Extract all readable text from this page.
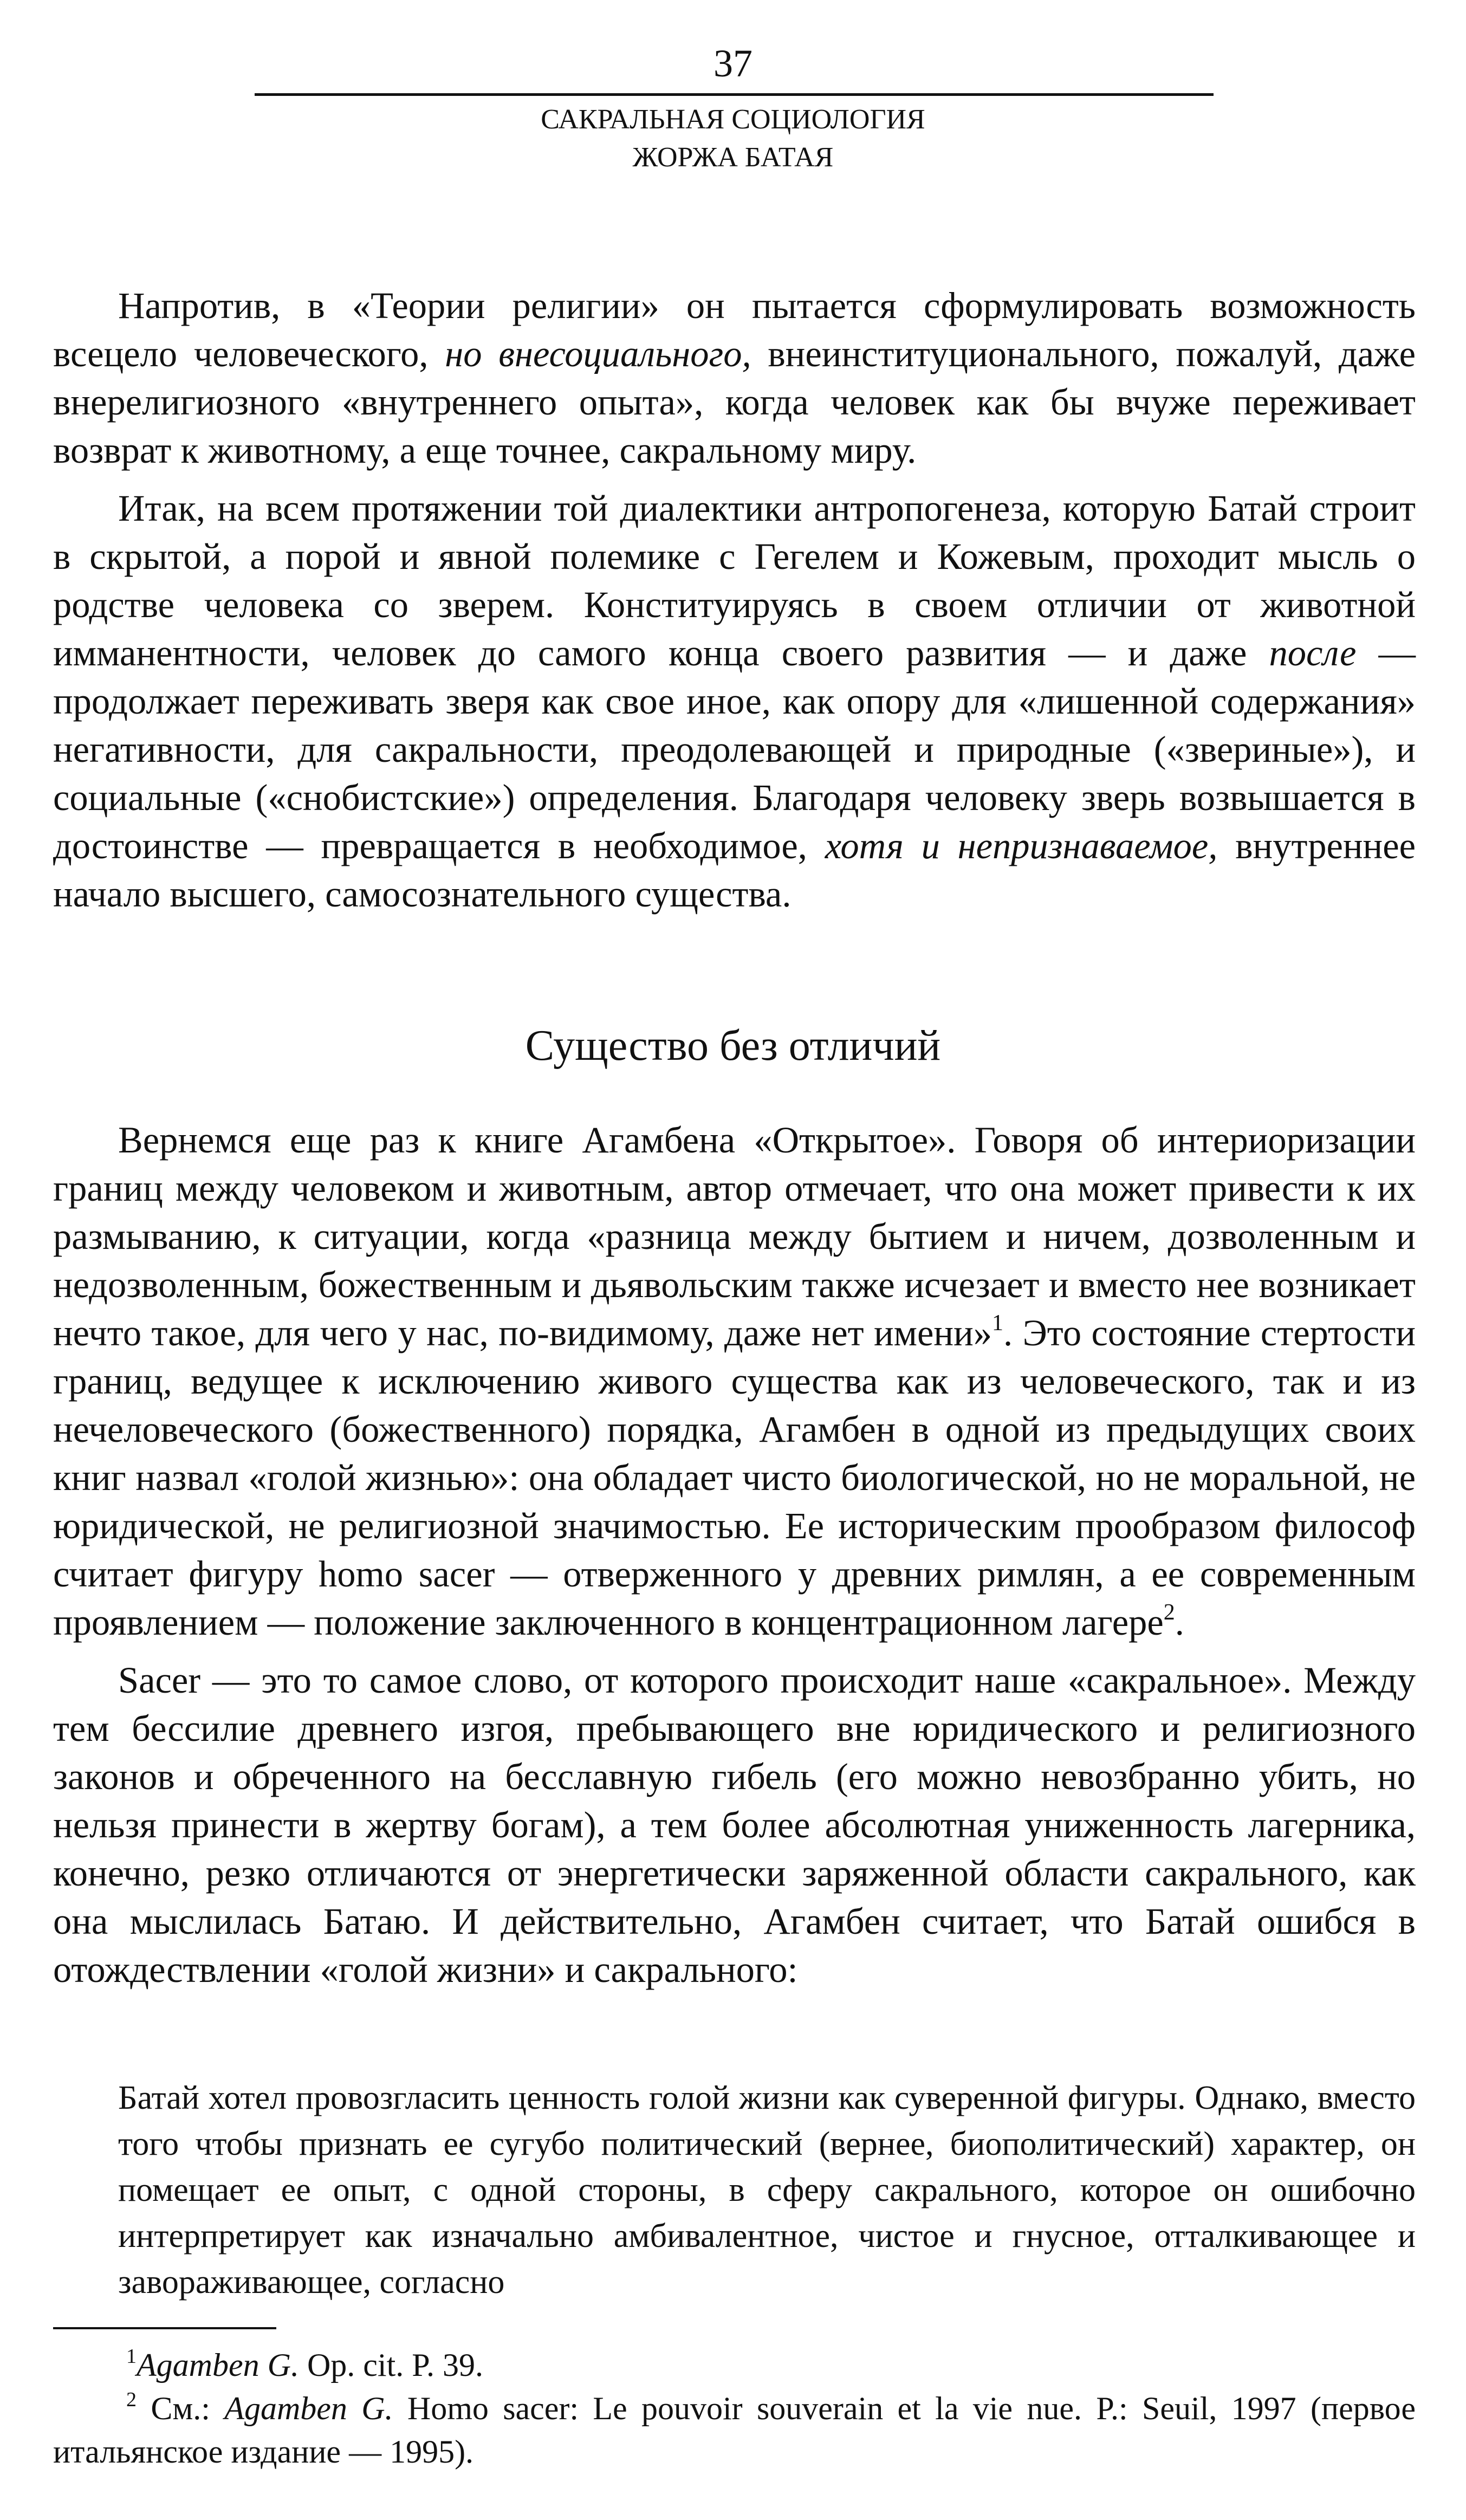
37
САКРАЛЬНАЯ СОЦИОЛОГИЯ
ЖОРЖА БАТАЯ

Напротив, в «Теории религии» он пытается сформулировать возможность всецело человеческого, но внесоциального, внеинституционального, пожалуй, даже внерелигиозного «внутреннего опыта», когда человек как бы вчуже переживает возврат к животному, а еще точнее, сакральному миру.

Итак, на всем протяжении той диалектики антропогенеза, которую Батай строит в скрытой, а порой и явной полемике с Гегелем и Кожевым, проходит мысль о родстве человека со зверем. Конституируясь в своем отличии от животной имманентности, человек до самого конца своего развития — и даже после — продолжает переживать зверя как свое иное, как опору для «лишенной содержания» негативности, для сакральности, преодолевающей и природные («звериные»), и социальные («снобистские») определения. Благодаря человеку зверь возвышается в достоинстве — превращается в необходимое, хотя и непризнаваемое, внутреннее начало высшего, самосознательного существа.

Существо без отличий

Вернемся еще раз к книге Агамбена «Открытое». Говоря об интериоризации границ между человеком и животным, автор отмечает, что она может привести к их размыванию, к ситуации, когда «разница между бытием и ничем, дозволенным и недозволенным, божественным и дьявольским также исчезает и вместо нее возникает нечто такое, для чего у нас, по-видимому, даже нет имени»$^1$. Это состояние стертости границ, ведущее к исключению живого существа как из человеческого, так и из нечеловеческого (божественного) порядка, Агамбен в одной из предыдущих своих книг назвал «голой жизнью»: она обладает чисто биологической, но не моральной, не юридической, не религиозной значимостью. Ее историческим прообразом философ считает фигуру homo sacer — отверженного у древних римлян, а ее современным проявлением — положение заключенного в концентрационном лагере$^2$.

Sacer — это то самое слово, от которого происходит наше «сакральное». Между тем бессилие древнего изгоя, пребывающего вне юридического и религиозного законов и обреченного на бесславную гибель (его можно невозбранно убить, но нельзя принести в жертву богам), а тем более абсолютная униженность лагерника, конечно, резко отличаются от энергетически заряженной области сакрального, как она мыслилась Батаю. И действительно, Агамбен считает, что Батай ошибся в отождествлении «голой жизни» и сакрального:

Батай хотел провозгласить ценность голой жизни как суверенной фигуры. Однако, вместо того чтобы признать ее сугубо политический (вернее, биополитический) характер, он помещает ее опыт, с одной стороны, в сферу сакрального, которое он ошибочно интерпретирует как изначально амбивалентное, чистое и гнусное, отталкивающее и завораживающее, согласно

$^1$Agamben G. Op. cit. P. 39.

$^2$ См.: Agamben G. Homo sacer: Le pouvoir souverain et la vie nue. P.: Seuil, 1997 (первое итальянское издание — 1995).
